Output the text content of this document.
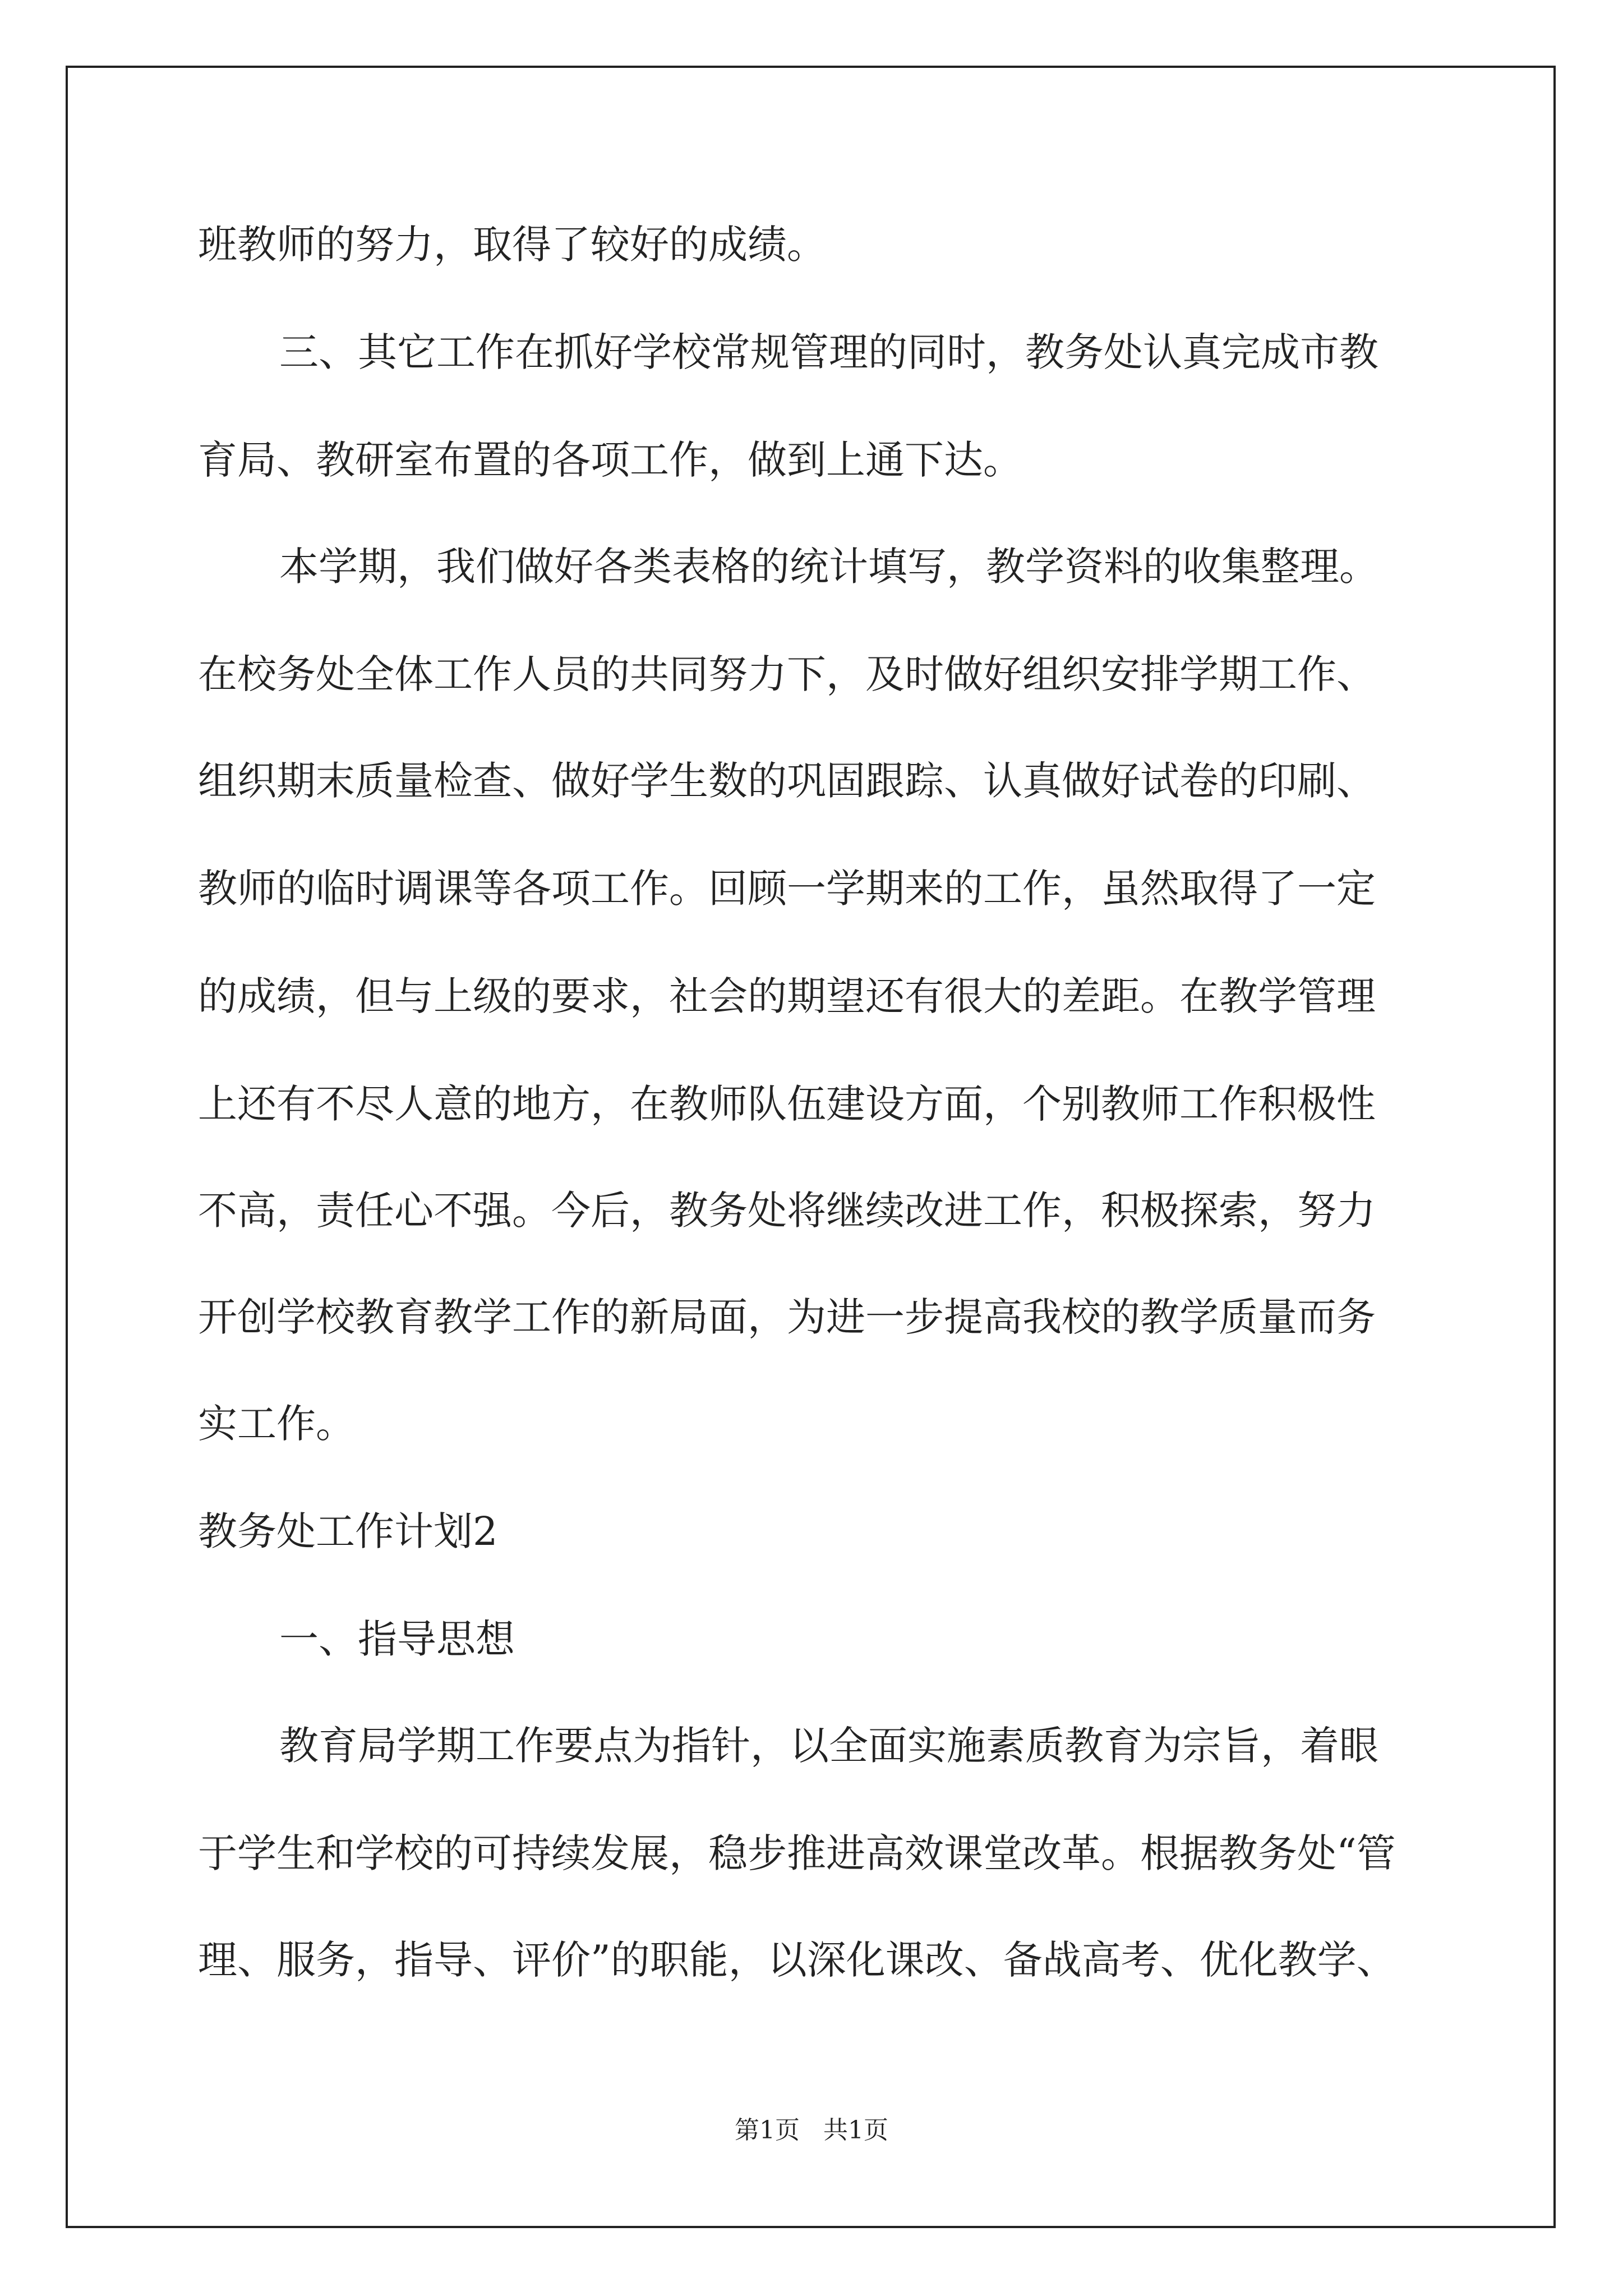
班教师的努力，取得了较好的成绩。
三、其它工作在抓好学校常规管理的同时，教务处认真完成市教
育局、教研室布置的各项工作，做到上通下达。
本学期，我们做好各类表格的统计填写，教学资料的收集整理。
在校务处全体工作人员的共同努力下，及时做好组织安排学期工作、
组织期末质量检查、做好学生数的巩固跟踪、认真做好试卷的印刷、
教师的临时调课等各项工作。回顾一学期来的工作，虽然取得了一定
的成绩，但与上级的要求，社会的期望还有很大的差距。在教学管理
上还有不尽人意的地方，在教师队伍建设方面，个别教师工作积极性
不高，责任心不强。今后，教务处将继续改进工作，积极探索，努力
开创学校教育教学工作的新局面，为进一步提高我校的教学质量而务
实工作。
教务处工作计划2
一、指导思想
教育局学期工作要点为指针，以全面实施素质教育为宗旨，着眼
于学生和学校的可持续发展，稳步推进高效课堂改革。根据教务处“管
理、服务，指导、评价”的职能，以深化课改、备战高考、优化教学、
第1页   共1页
